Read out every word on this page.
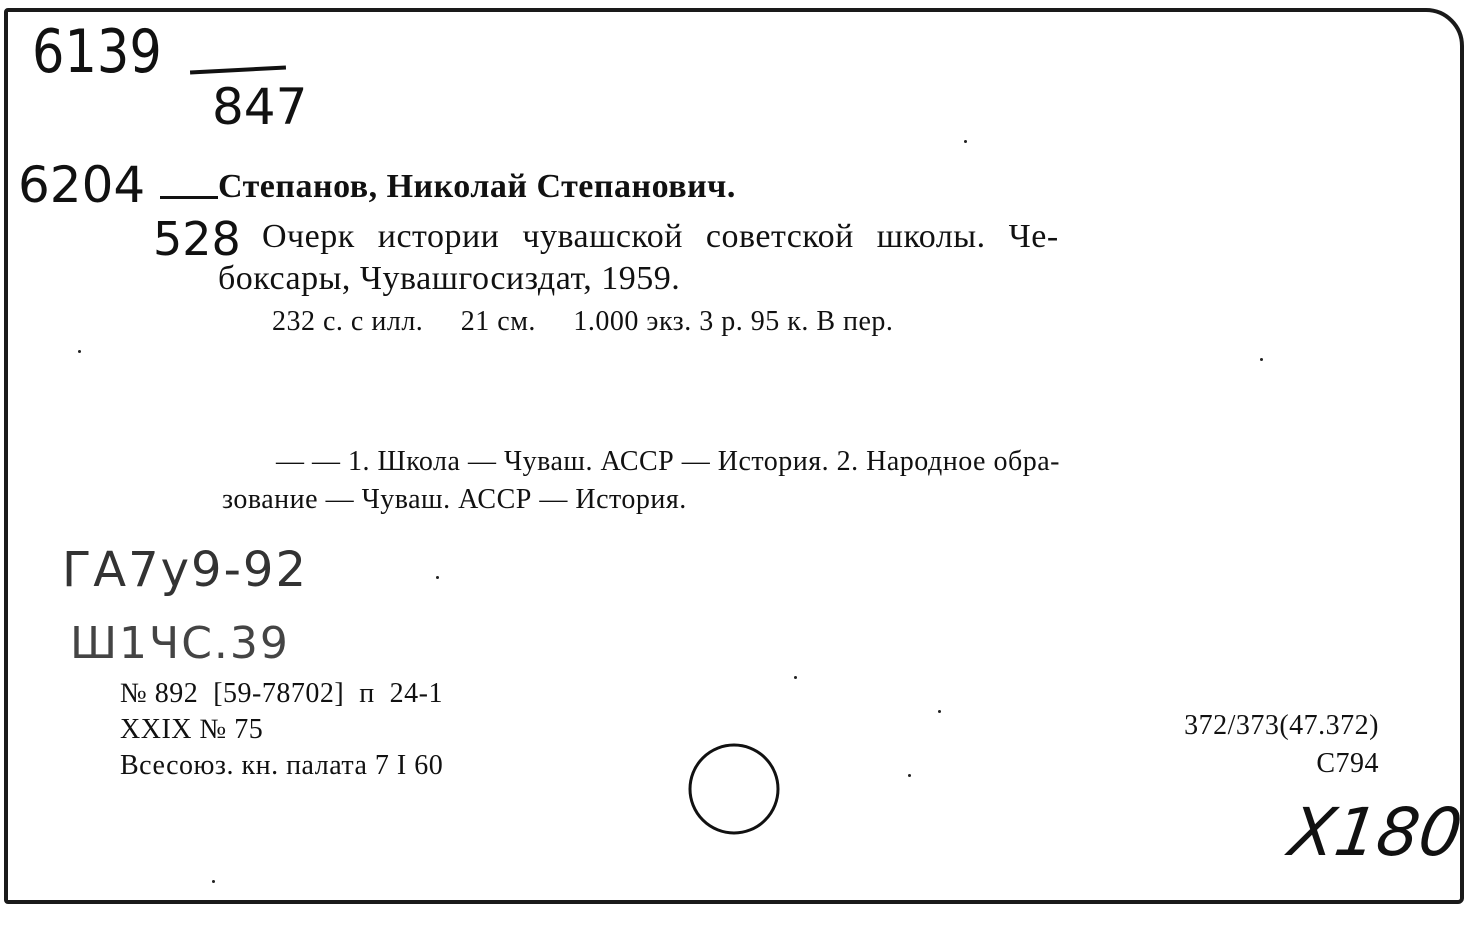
6139
847
6204
528
Степанов, Николай Степанович.
Очерк истории чувашской советской школы. Че-
боксары, Чувашгосиздат, 1959.
232 с. с илл.     21 см.     1.000 экз. 3 р. 95 к. В пер.
— — 1. Школа — Чуваш. АССР — История. 2. Народное обра-
зование — Чуваш. АССР — История.
ГА7у9-92
Ш1ЧС.39
№ 892  [59-78702]  п  24-1
XXIX № 75
Всесоюз. кн. палата 7 I 60
372/373(47.372)
С794
X180
